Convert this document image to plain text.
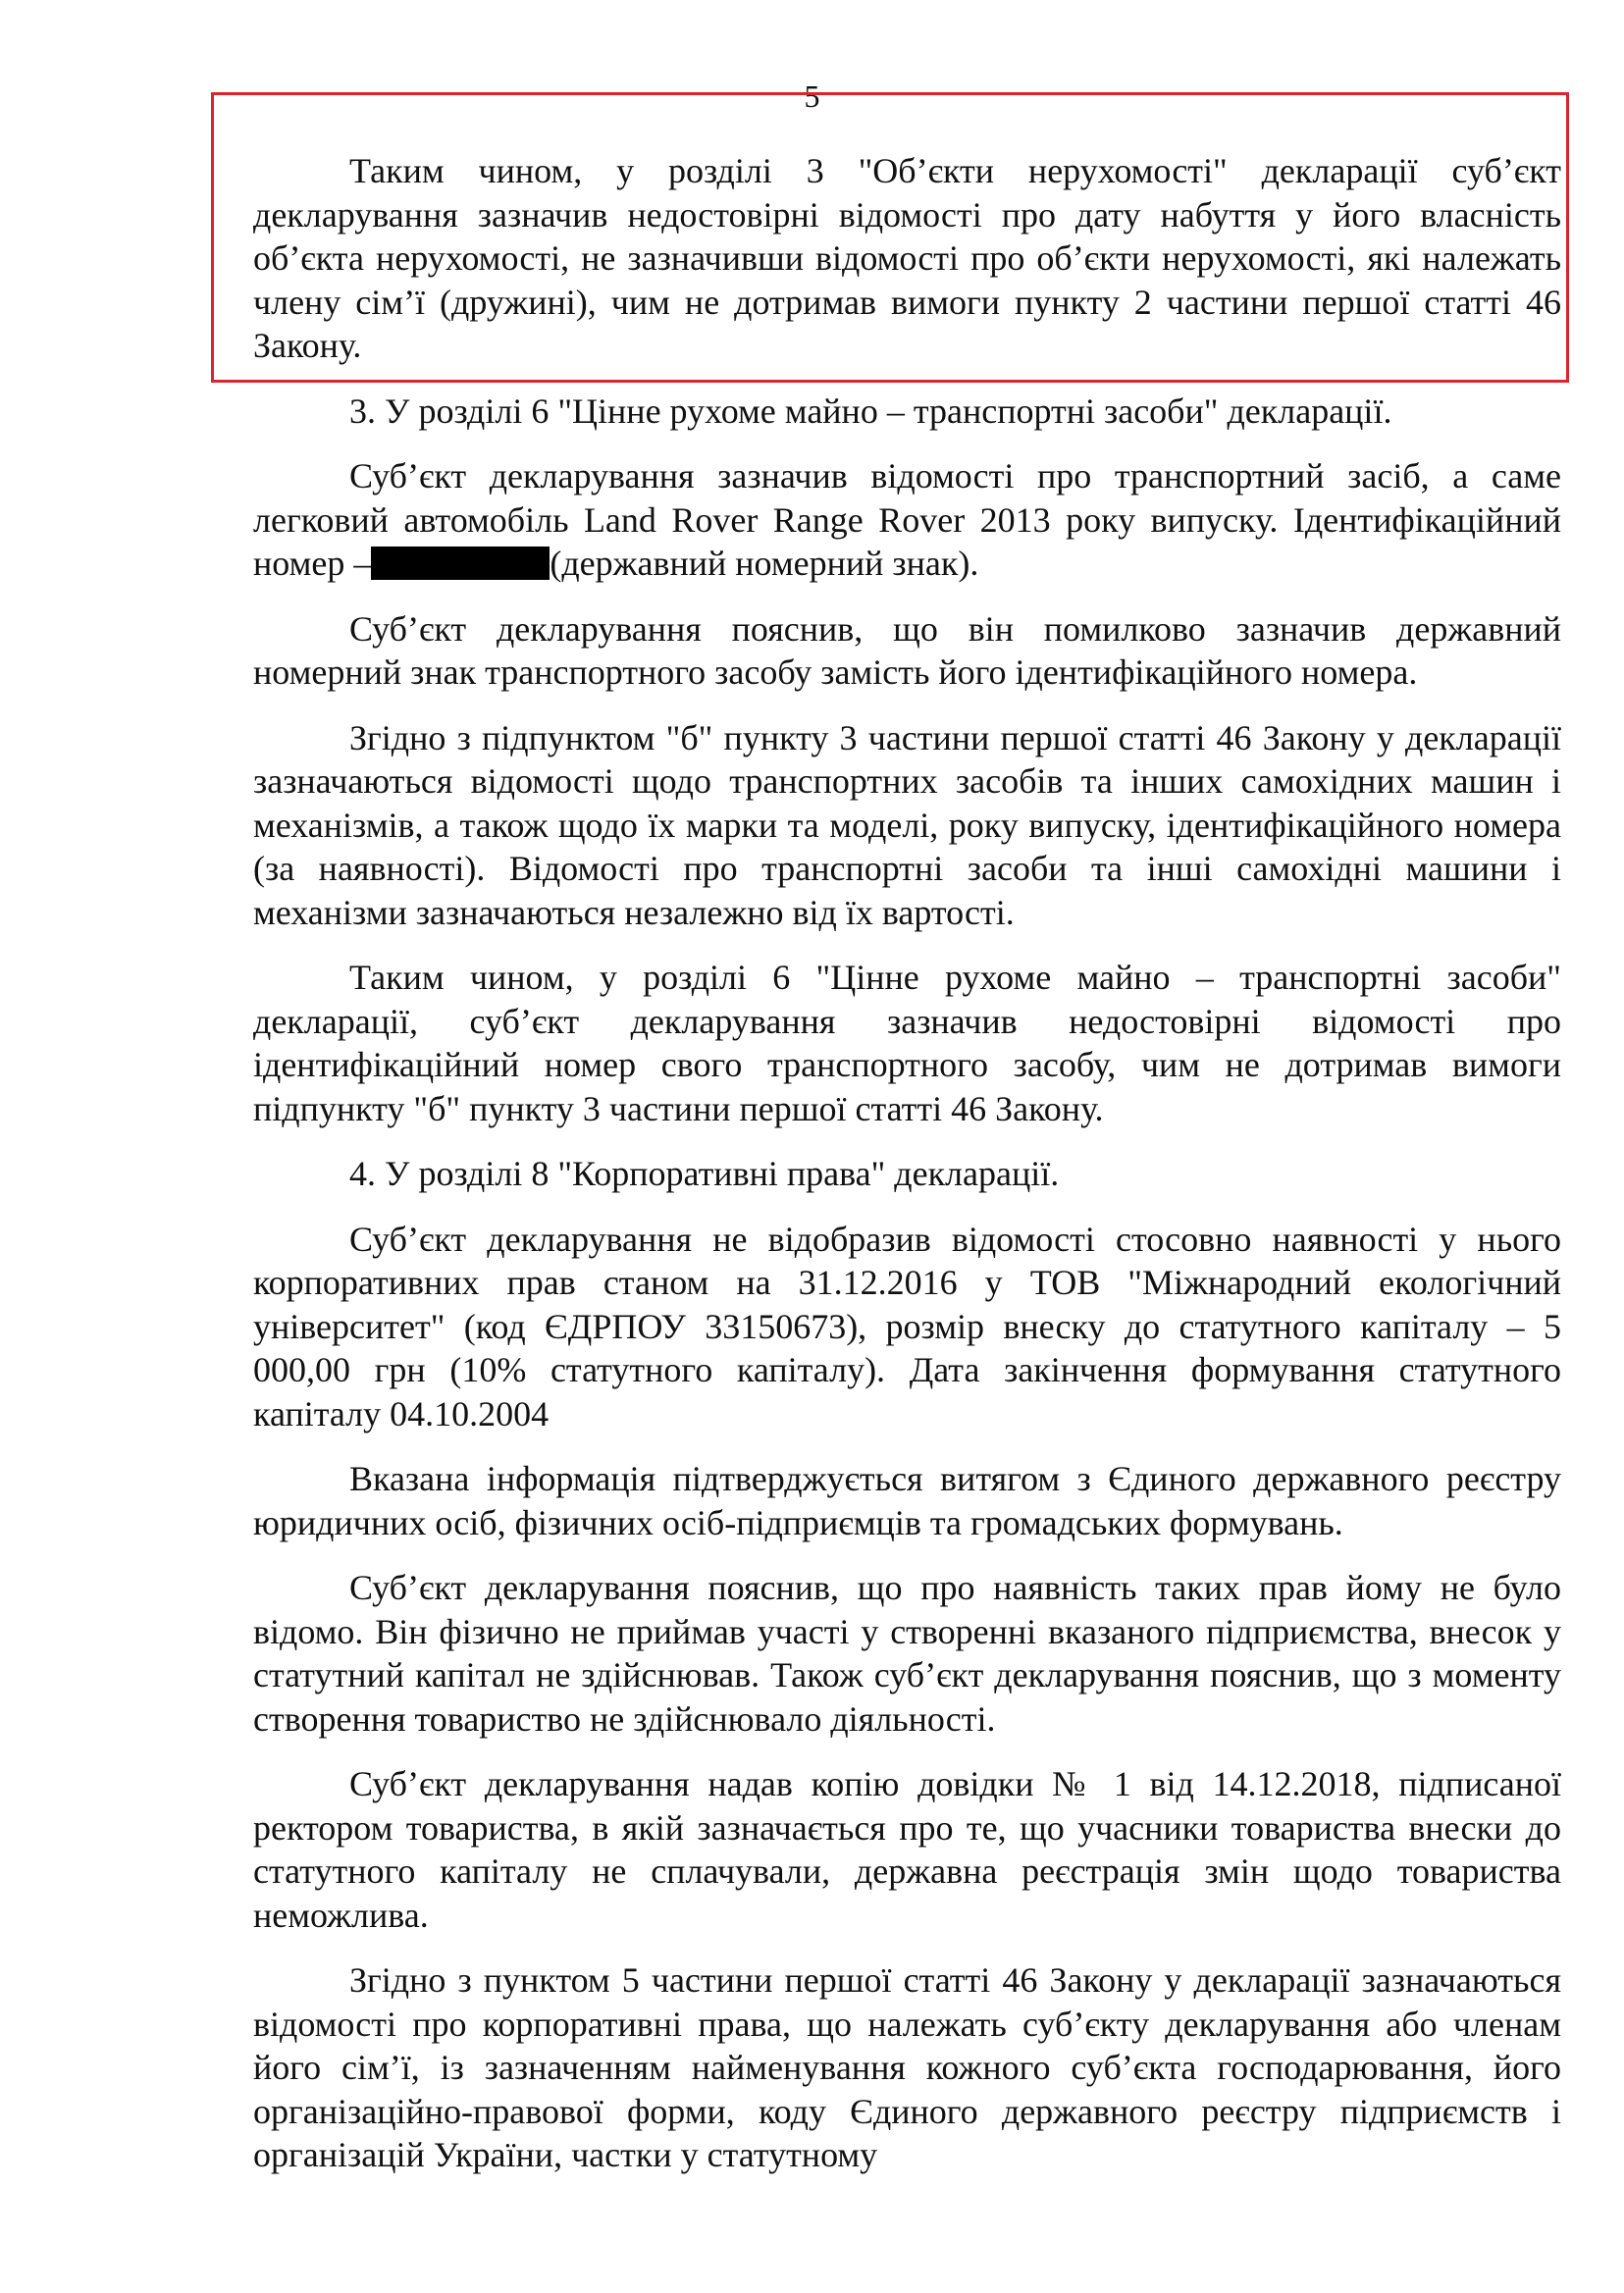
5

Таким чином, у розділі 3 "Об’єкти нерухомості" декларації суб’єкт декларування зазначив недостовірні відомості про дату набуття у його власність об’єкта нерухомості, не зазначивши відомості про об’єкти нерухомості, які належать члену сім’ї (дружині), чим не дотримав вимоги пункту 2 частини першої статті 46 Закону.

3. У розділі 6 "Цінне рухоме майно – транспортні засоби" декларації.

Суб’єкт декларування зазначив відомості про транспортний засіб, а саме легковий автомобіль Land Rover Range Rover 2013 року випуску. Ідентифікаційний номер –	(державний номерний знак).

Суб’єкт декларування пояснив, що він помилково зазначив державний номерний знак транспортного засобу замість його ідентифікаційного номера.

Згідно з підпунктом "б" пункту 3 частини першої статті 46 Закону у декларації зазначаються відомості щодо транспортних засобів та інших самохідних машин і механізмів, а також щодо їх марки та моделі, року випуску, ідентифікаційного номера (за наявності). Відомості про транспортні засоби та інші самохідні машини і механізми зазначаються незалежно від їх вартості.

Таким чином, у розділі 6 "Цінне рухоме майно – транспортні засоби" декларації, суб’єкт декларування зазначив недостовірні відомості про ідентифікаційний номер свого транспортного засобу, чим не дотримав вимоги підпункту "б" пункту 3 частини першої статті 46 Закону.

4. У розділі 8 "Корпоративні права" декларації.

Суб’єкт декларування не відобразив відомості стосовно наявності у нього корпоративних прав станом на 31.12.2016 у ТОВ "Міжнародний екологічний університет" (код ЄДРПОУ 33150673), розмір внеску до статутного капіталу – 5 000,00 грн (10% статутного капіталу). Дата закінчення формування статутного капіталу 04.10.2004

Вказана інформація підтверджується витягом з Єдиного державного реєстру юридичних осіб, фізичних осіб-підприємців та громадських формувань.

Суб’єкт декларування пояснив, що про наявність таких прав йому не було відомо. Він фізично не приймав участі у створенні вказаного підприємства, внесок у статутний капітал не здійснював. Також суб’єкт декларування пояснив, що з моменту створення товариство не здійснювало діяльності.

Суб’єкт декларування надав копію довідки № 1 від 14.12.2018, підписаної ректором товариства, в якій зазначається про те, що учасники товариства внески до статутного капіталу не сплачували, державна реєстрація змін щодо товариства неможлива.

Згідно з пунктом 5 частини першої статті 46 Закону у декларації зазначаються відомості про корпоративні права, що належать суб’єкту декларування або членам його сім’ї, із зазначенням найменування кожного суб’єкта господарювання, його організаційно-правової форми, коду Єдиного державного реєстру підприємств і організацій України, частки у статутному
